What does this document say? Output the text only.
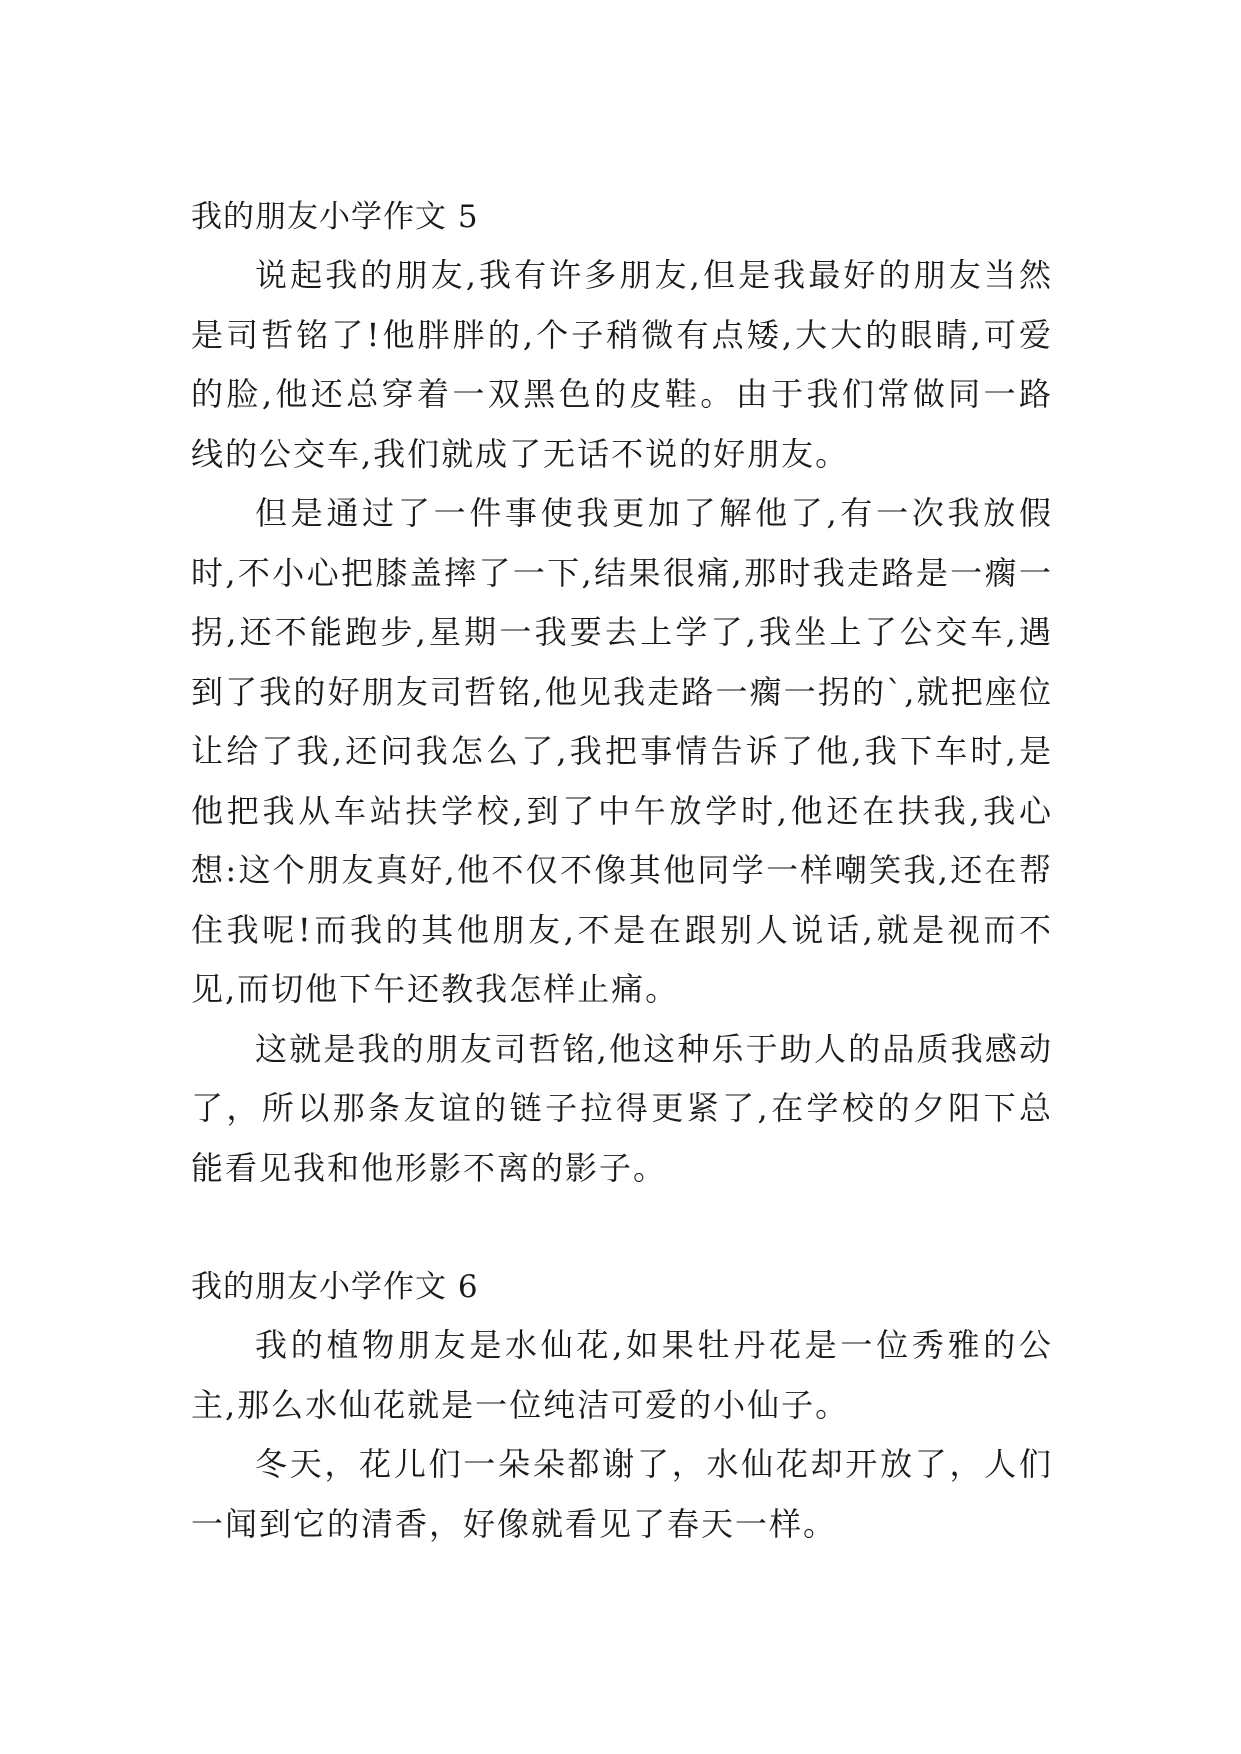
我的朋友小学作文 5

说起我的朋友,我有许多朋友,但是我最好的朋友当然是司哲铭了!他胖胖的,个子稍微有点矮,大大的眼睛,可爱的脸,他还总穿着一双黑色的皮鞋。由于我们常做同一路线的公交车,我们就成了无话不说的好朋友。

但是通过了一件事使我更加了解他了,有一次我放假时,不小心把膝盖摔了一下,结果很痛,那时我走路是一瘸一拐,还不能跑步,星期一我要去上学了,我坐上了公交车,遇到了我的好朋友司哲铭,他见我走路一瘸一拐的`,就把座位让给了我,还问我怎么了,我把事情告诉了他,我下车时,是他把我从车站扶学校,到了中午放学时,他还在扶我,我心想:这个朋友真好,他不仅不像其他同学一样嘲笑我,还在帮住我呢!而我的其他朋友,不是在跟别人说话,就是视而不见,而切他下午还教我怎样止痛。

这就是我的朋友司哲铭,他这种乐于助人的品质我感动了，所以那条友谊的链子拉得更紧了,在学校的夕阳下总能看见我和他形影不离的影子。

我的朋友小学作文 6

我的植物朋友是水仙花,如果牡丹花是一位秀雅的公主,那么水仙花就是一位纯洁可爱的小仙子。

冬天，花儿们一朵朵都谢了，水仙花却开放了，人们一闻到它的清香，好像就看见了春天一样。
